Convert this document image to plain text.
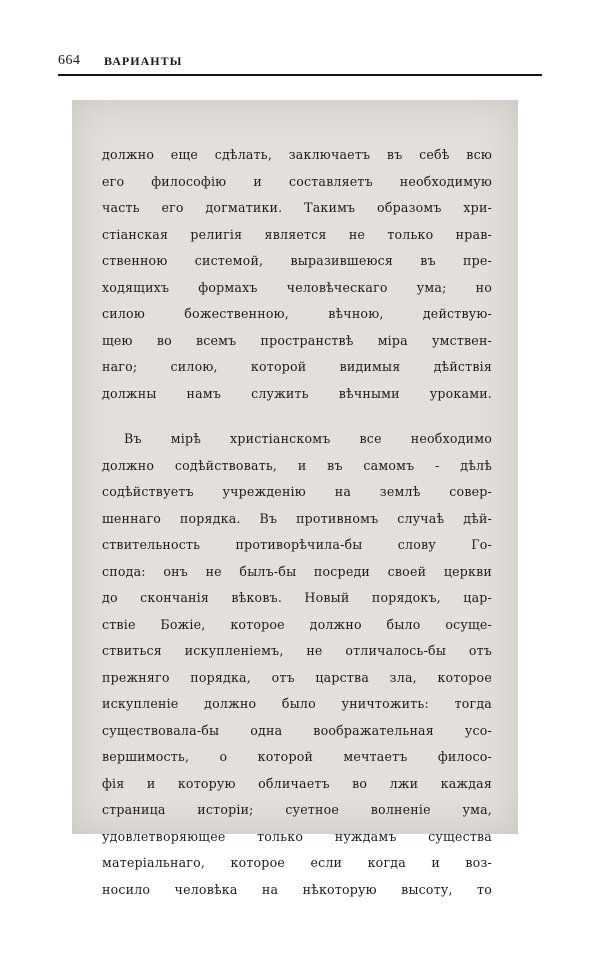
664 ВАРИАНТЫ
должно еще сдѣлать, заключаетъ въ себѣ всю
его философію и составляетъ необходимую
часть его догматики. Такимъ образомъ хри-
стіанская религія является не только нрав-
ственною системой, выразившеюся въ пре-
ходящихъ формахъ человѣческаго ума; но
силою божественною, вѣчною, действую-
щею во всемъ пространствѣ міра умствен-
наго; силою, которой видимыя дѣйствія
должны намъ служить вѣчными уроками.
Въ мірѣ христіанскомъ все необходимо
должно содѣйствовать, и въ самомъ - дѣлѣ
содѣйствуетъ учрежденію на землѣ совер-
шеннаго порядка. Въ противномъ случаѣ дѣй-
ствительность противорѣчила-бы слову Го-
спода: онъ не былъ-бы посреди своей церкви
до скончанія вѣковъ. Новый порядокъ, цар-
ствіе Божіе, которое должно было осуще-
ствиться искупленіемъ, не отличалось-бы отъ
прежняго порядка, отъ царства зла, которое
искупленіе должно было уничтожить: тогда
существовала-бы одна воображательная усо-
вершимость, о которой мечтаетъ филосо-
фія и которую обличаетъ во лжи каждая
страница исторіи; суетное волненіе ума,
удовлетворяющее только нуждамъ существа
матеріальнаго, которое если когда и воз-
носило человѣка на нѣкоторую высоту, то
